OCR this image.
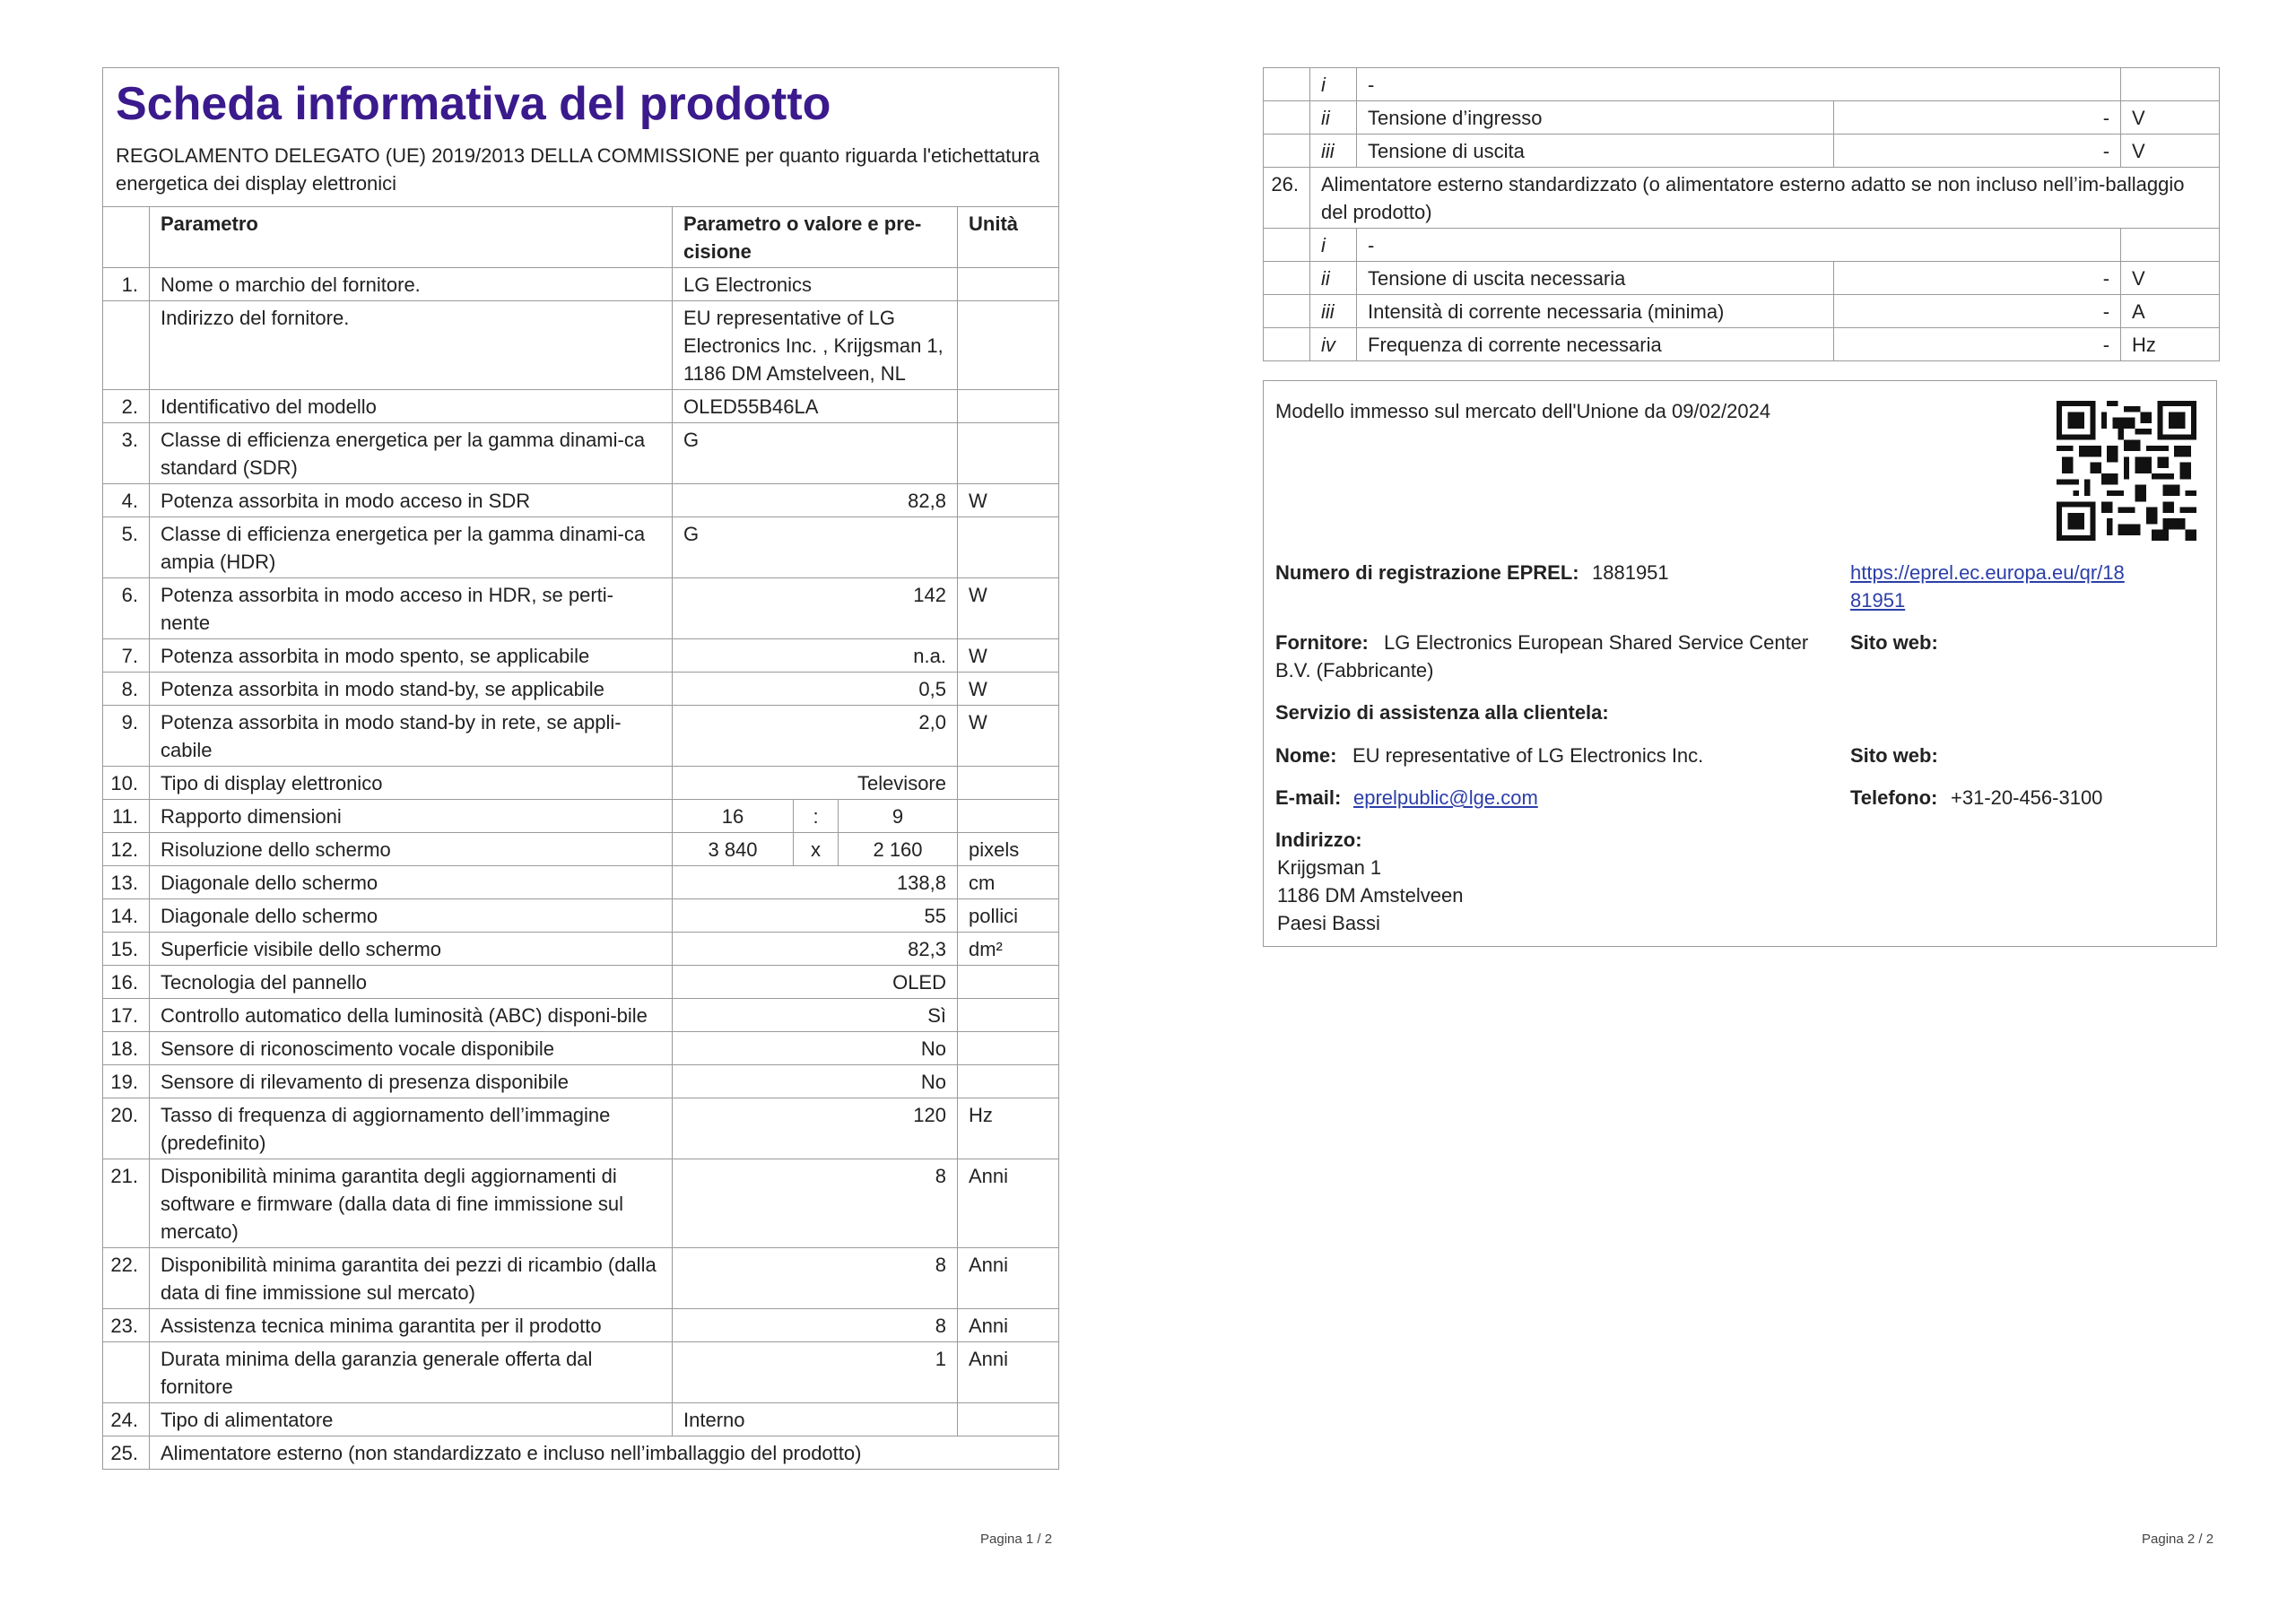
Scheda informativa del prodotto
REGOLAMENTO DELEGATO (UE) 2019/2013 DELLA COMMISSIONE per quanto riguarda l'etichettatura energetica dei display elettronici					

	Parametro	Parametro o valore e pre-cisione			Unità
1.	Nome o marchio del fornitore.	LG Electronics			
	Indirizzo del fornitore.	EU representative of LG Electronics Inc. , Krijgsman 1, 1186 DM Amstelveen, NL			
2.	Identificativo del modello	OLED55B46LA			
3.	Classe di efficienza energetica per la gamma dinami-ca standard (SDR)	G			
4.	Potenza assorbita in modo acceso in SDR	82,8			W
5.	Classe di efficienza energetica per la gamma dinami-ca ampia (HDR)	G			
6.	Potenza assorbita in modo acceso in HDR, se perti-nente	142			W
7.	Potenza assorbita in modo spento, se applicabile	n.a.			W
8.	Potenza assorbita in modo stand-by, se applicabile	0,5			W
9.	Potenza assorbita in modo stand-by in rete, se appli-cabile	2,0			W
10.	Tipo di display elettronico	Televisore			
11.	Rapporto dimensioni	16	:	9	
12.	Risoluzione dello schermo	3 840	x	2 160	pixels
13.	Diagonale dello schermo	138,8			cm
14.	Diagonale dello schermo	55			pollici
15.	Superficie visibile dello schermo	82,3			dm²
16.	Tecnologia del pannello	OLED			
17.	Controllo automatico della luminosità (ABC) disponi-bile	Sì			
18.	Sensore di riconoscimento vocale disponibile	No			
19.	Sensore di rilevamento di presenza disponibile	No			
20.	Tasso di frequenza di aggiornamento dell’immagine (predefinito)	120			Hz
21.	Disponibilità minima garantita degli aggiornamenti di software e firmware (dalla data di fine immissione sul mercato)	8			Anni
22.	Disponibilità minima garantita dei pezzi di ricambio (dalla data di fine immissione sul mercato)	8			Anni
23.	Assistenza tecnica minima garantita per il prodotto	8			Anni
	Durata minima della garanzia generale offerta dal fornitore	1			Anni
24.	Tipo di alimentatore	Interno			
25.	Alimentatore esterno (non standardizzato e incluso nell’imballaggio del prodotto)				
Pagina 1 / 2
	i	-		
	ii	Tensione d’ingresso	-	V
	iii	Tensione di uscita	-	V
26.	Alimentatore esterno standardizzato (o alimentatore esterno adatto se non incluso nell’im-ballaggio del prodotto)			
	i	-		
	ii	Tensione di uscita necessaria	-	V
	iii	Intensità di corrente necessaria (minima)	-	A
	iv	Frequenza di corrente necessaria	-	Hz
Modello immesso sul mercato dell'Unione da 09/02/2024
Numero di registrazione EPREL: 1881951	https://eprel.ec.europa.eu/qr/18
81951
Fornitore: LG Electronics European Shared Service Center
B.V. (Fabbricante)
Sito web:
Servizio di assistenza alla clientela:
Nome: EU representative of LG Electronics Inc.	Sito web:
E-mail: eprelpublic@lge.com	Telefono: +31-20-456-3100
Indirizzo:
Krijgsman 1
1186 DM Amstelveen
Paesi Bassi
Pagina 2 / 2
